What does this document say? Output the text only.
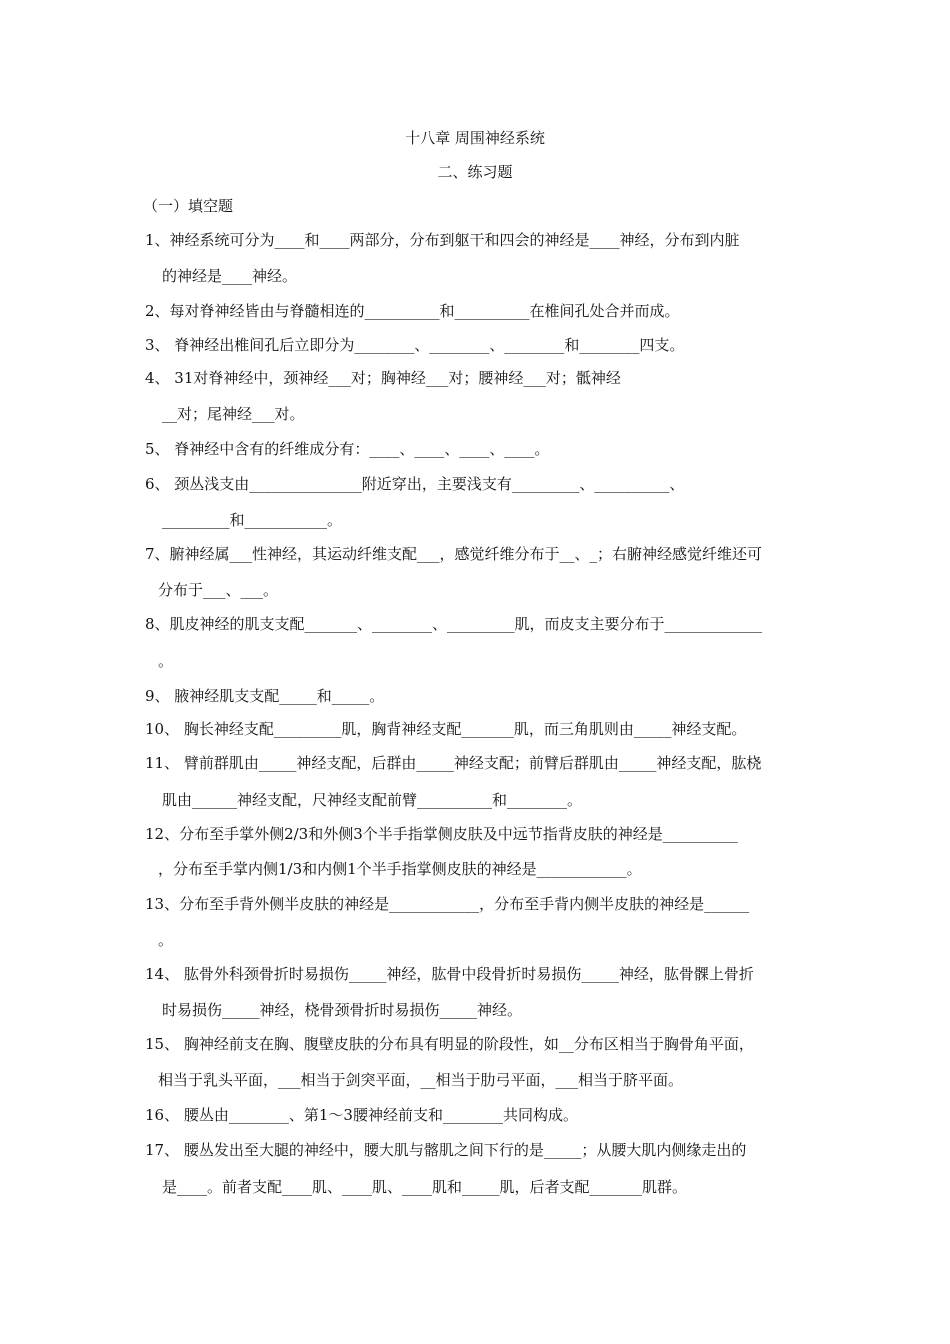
十八章 周围神经系统
二、练习题
（一）填空题
1、神经系统可分为____和____两部分，分布到躯干和四会的神经是____神经，分布到内脏
的神经是____神经。
2、每对脊神经皆由与脊髓相连的__________和__________在椎间孔处合并而成。
3、 脊神经出椎间孔后立即分为________、________、________和________四支。
4、 31对脊神经中，颈神经___对；胸神经___对；腰神经___对；骶神经
__对；尾神经___对。
5、 脊神经中含有的纤维成分有：____、____、____、____。
6、 颈丛浅支由_______________附近穿出，主要浅支有_________、__________、
_________和___________。
7、腑神经属___性神经，其运动纤维支配___，感觉纤维分布于__、_；右腑神经感觉纤维还可
分布于___、___。
8、肌皮神经的肌支支配_______、________、_________肌，而皮支主要分布于_____________
。
9、 腋神经肌支支配_____和_____。
10、 胸长神经支配_________肌，胸背神经支配_______肌，而三角肌则由_____神经支配。
11、 臂前群肌由_____神经支配，后群由_____神经支配；前臂后群肌由_____神经支配，肱桡
肌由______神经支配，尺神经支配前臂__________和________。
12、分布至手掌外侧2/3和外侧3个半手指掌侧皮肤及中远节指背皮肤的神经是__________
，分布至手掌内侧1/3和内侧1个半手指掌侧皮肤的神经是____________。
13、分布至手背外侧半皮肤的神经是____________，分布至手背内侧半皮肤的神经是______
。
14、 肱骨外科颈骨折时易损伤_____神经，肱骨中段骨折时易损伤_____神经，肱骨髁上骨折
时易损伤_____神经，桡骨颈骨折时易损伤_____神经。
15、 胸神经前支在胸、腹壁皮肤的分布具有明显的阶段性，如__分布区相当于胸骨角平面，
相当于乳头平面，___相当于剑突平面，__相当于肋弓平面，___相当于脐平面。
16、 腰丛由________、第1～3腰神经前支和________共同构成。
17、 腰丛发出至大腿的神经中，腰大肌与髂肌之间下行的是_____；从腰大肌内侧缘走出的
是____。前者支配____肌、____肌、____肌和_____肌，后者支配_______肌群。
